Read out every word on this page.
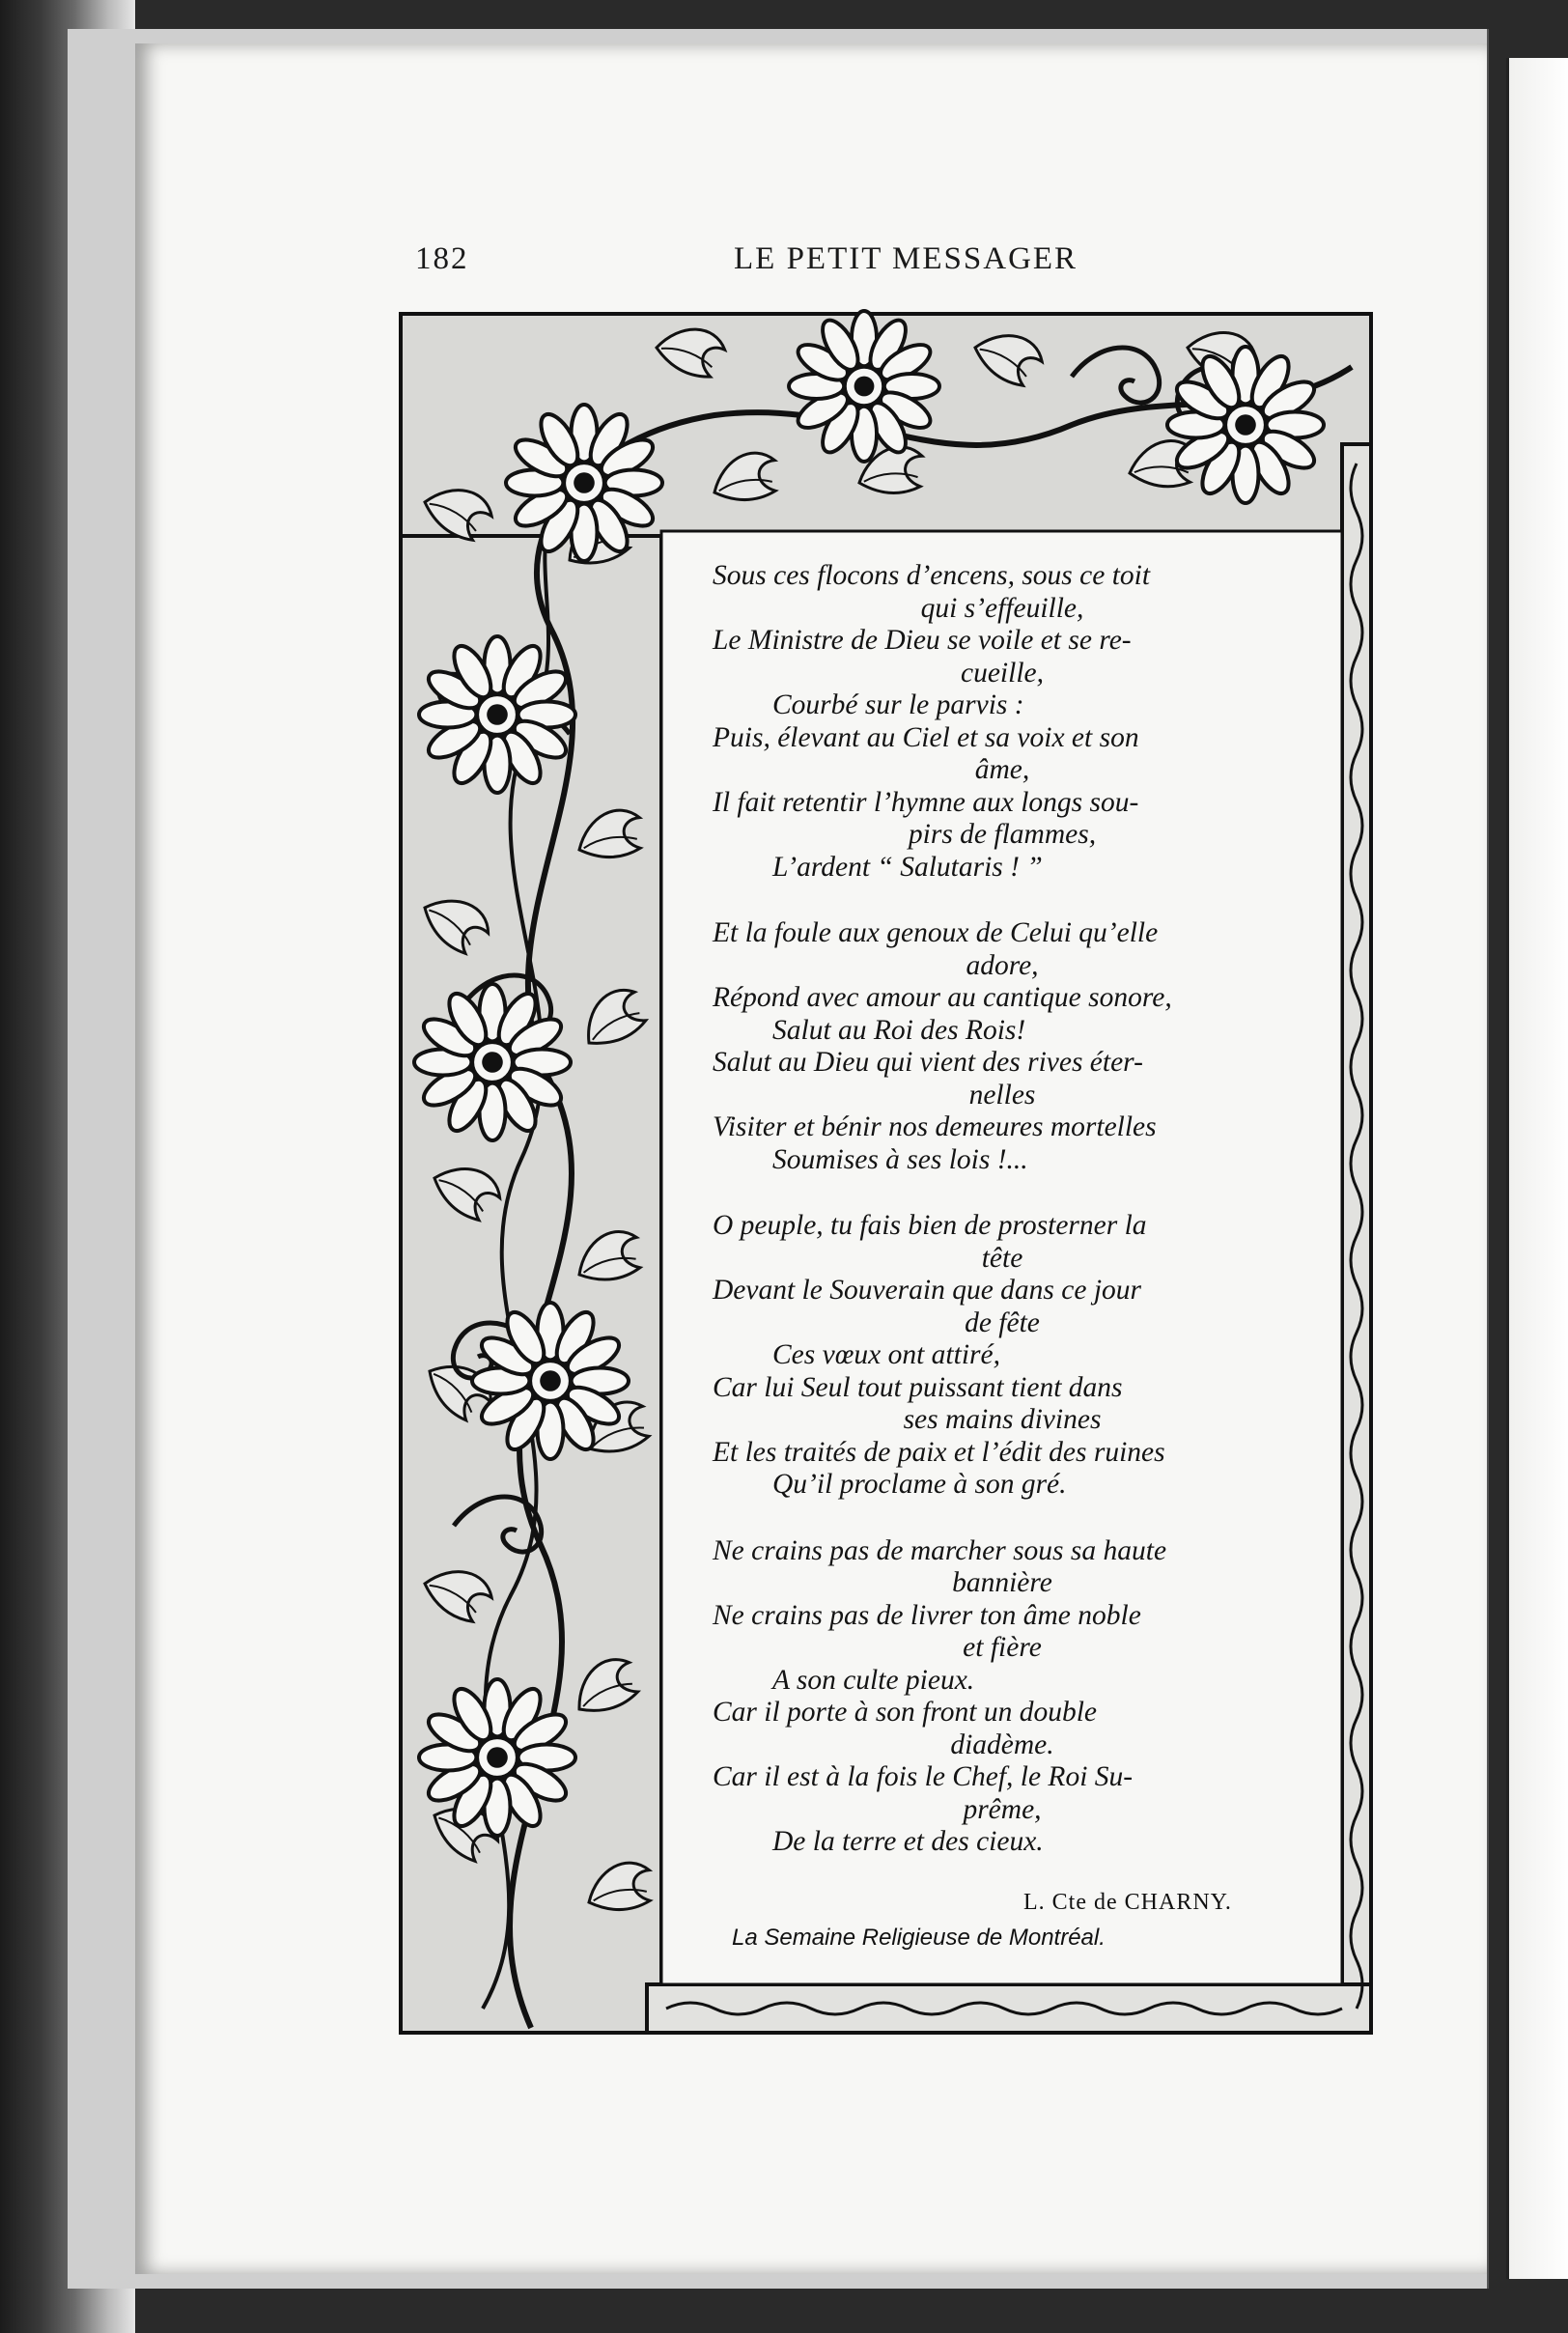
182	LE PETIT MESSAGER
Sous ces flocons d’encens, sous ce toit
qui s’effeuille,
Le Ministre de Dieu se voile et se re-
cueille,
Courbé sur le parvis :
Puis, élevant au Ciel et sa voix et son
âme,
Il fait retentir l’hymne aux longs sou-
pirs de flammes,
L’ardent “ Salutaris ! ”
Et la foule aux genoux de Celui qu’elle
adore,
Répond avec amour au cantique sonore,
Salut au Roi des Rois!
Salut au Dieu qui vient des rives éter-
nelles
Visiter et bénir nos demeures mortelles
Soumises à ses lois !...
O peuple, tu fais bien de prosterner la
tête
Devant le Souverain que dans ce jour
de fête
Ces vœux ont attiré,
Car lui Seul tout puissant tient dans
ses mains divines
Et les traités de paix et l’édit des ruines
Qu’il proclame à son gré.
Ne crains pas de marcher sous sa haute
bannière
Ne crains pas de livrer ton âme noble
et fière
A son culte pieux.
Car il porte à son front un double
diadème.
Car il est à la fois le Chef, le Roi Su-
prême,
De la terre et des cieux.
L. Cte de CHARNY.
La Semaine Religieuse de Montréal.
